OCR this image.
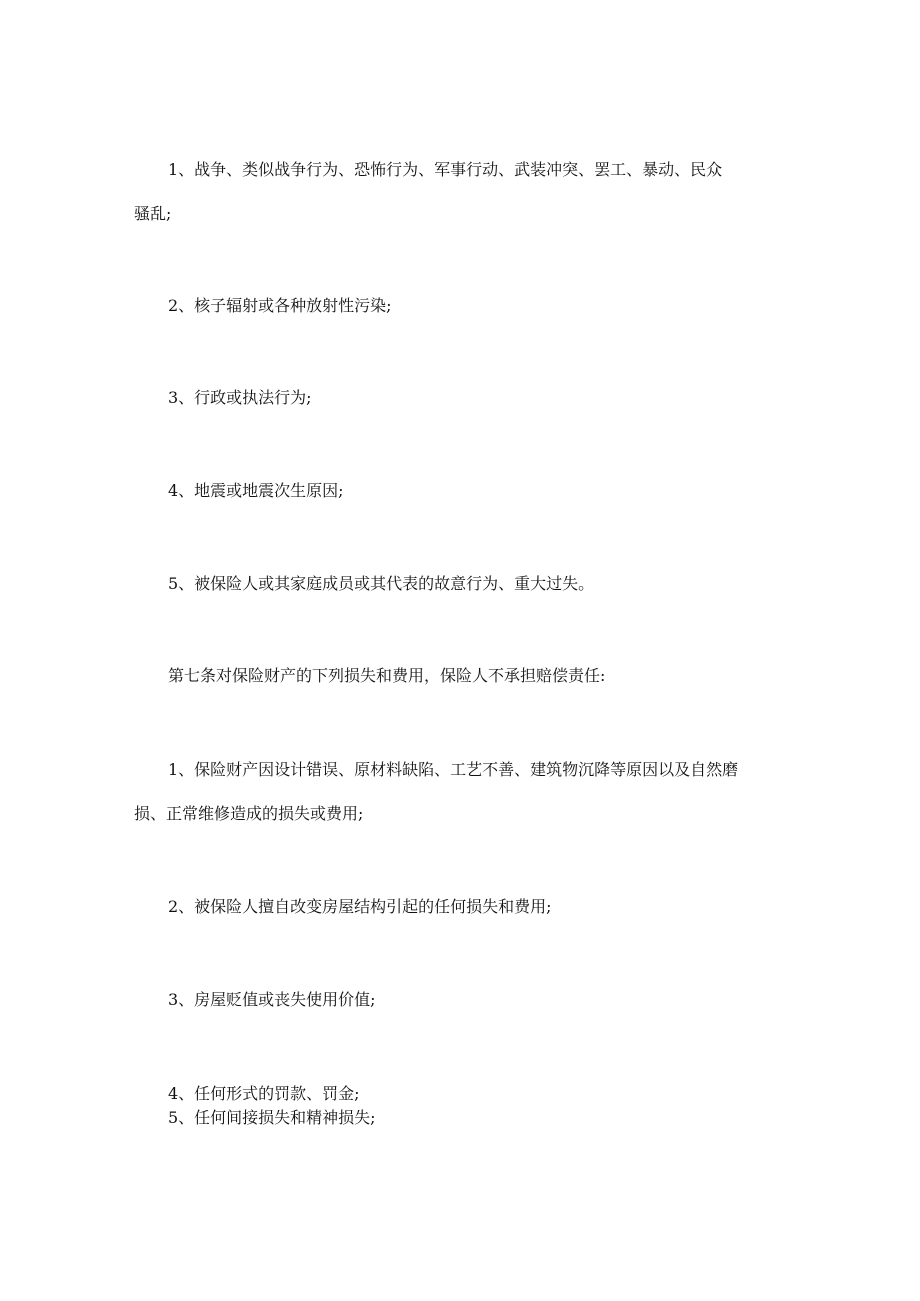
1、战争、类似战争行为、恐怖行为、军事行动、武装冲突、罢工、暴动、民众

骚乱;

2、核子辐射或各种放射性污染;

3、行政或执法行为;

4、地震或地震次生原因;

5、被保险人或其家庭成员或其代表的故意行为、重大过失。

第七条对保险财产的下列损失和费用，保险人不承担赔偿责任:

1、保险财产因设计错误、原材料缺陷、工艺不善、建筑物沉降等原因以及自然磨

损、正常维修造成的损失或费用;

2、被保险人擅自改变房屋结构引起的任何损失和费用;

3、房屋贬值或丧失使用价值;

4、任何形式的罚款、罚金;

5、任何间接损失和精神损失;
